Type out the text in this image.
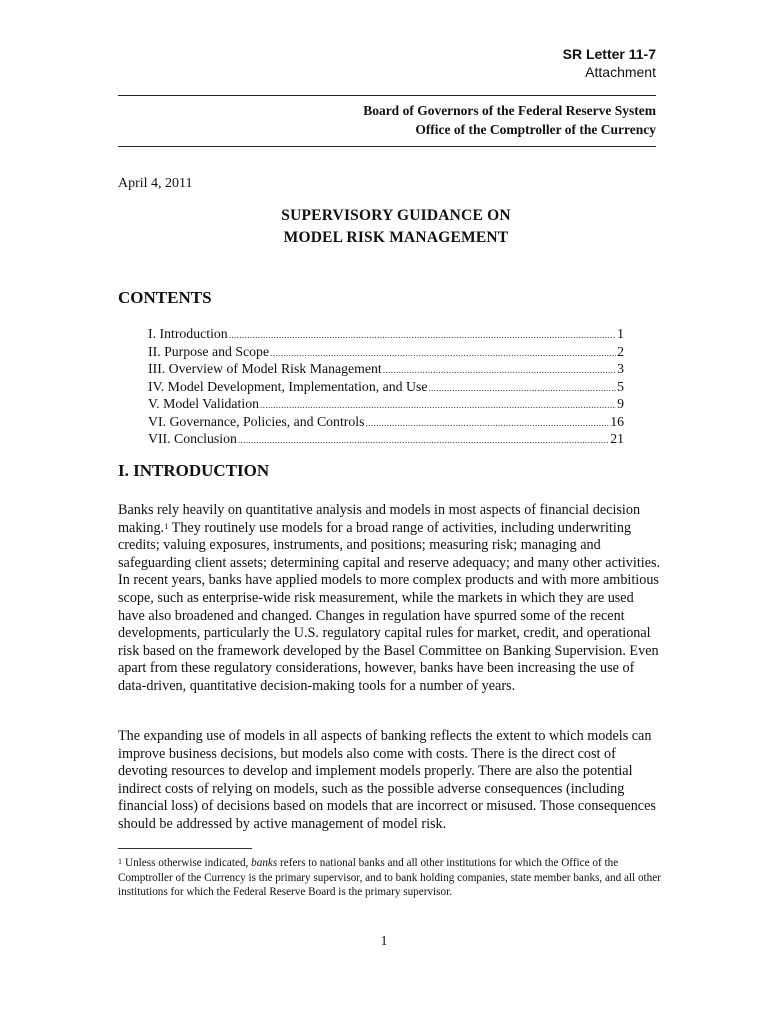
SR Letter 11-7
Attachment
Board of Governors of the Federal Reserve System
Office of the Comptroller of the Currency
April 4, 2011
SUPERVISORY GUIDANCE ON
MODEL RISK MANAGEMENT
CONTENTS
I. Introduction .....	1
II. Purpose and Scope .....	2
III. Overview of Model Risk Management .....	3
IV. Model Development, Implementation, and Use .....	5
V. Model Validation .....	9
VI. Governance, Policies, and Controls .....	16
VII. Conclusion .....	21
I. INTRODUCTION
Banks rely heavily on quantitative analysis and models in most aspects of financial decision making.$^1$ They routinely use models for a broad range of activities, including underwriting credits; valuing exposures, instruments, and positions; measuring risk; managing and safeguarding client assets; determining capital and reserve adequacy; and many other activities. In recent years, banks have applied models to more complex products and with more ambitious scope, such as enterprise-wide risk measurement, while the markets in which they are used have also broadened and changed. Changes in regulation have spurred some of the recent developments, particularly the U.S. regulatory capital rules for market, credit, and operational risk based on the framework developed by the Basel Committee on Banking Supervision. Even apart from these regulatory considerations, however, banks have been increasing the use of data-driven, quantitative decision-making tools for a number of years.
The expanding use of models in all aspects of banking reflects the extent to which models can improve business decisions, but models also come with costs. There is the direct cost of devoting resources to develop and implement models properly. There are also the potential indirect costs of relying on models, such as the possible adverse consequences (including financial loss) of decisions based on models that are incorrect or misused. Those consequences should be addressed by active management of model risk.
$^1$ Unless otherwise indicated, banks refers to national banks and all other institutions for which the Office of the Comptroller of the Currency is the primary supervisor, and to bank holding companies, state member banks, and all other institutions for which the Federal Reserve Board is the primary supervisor.
1
